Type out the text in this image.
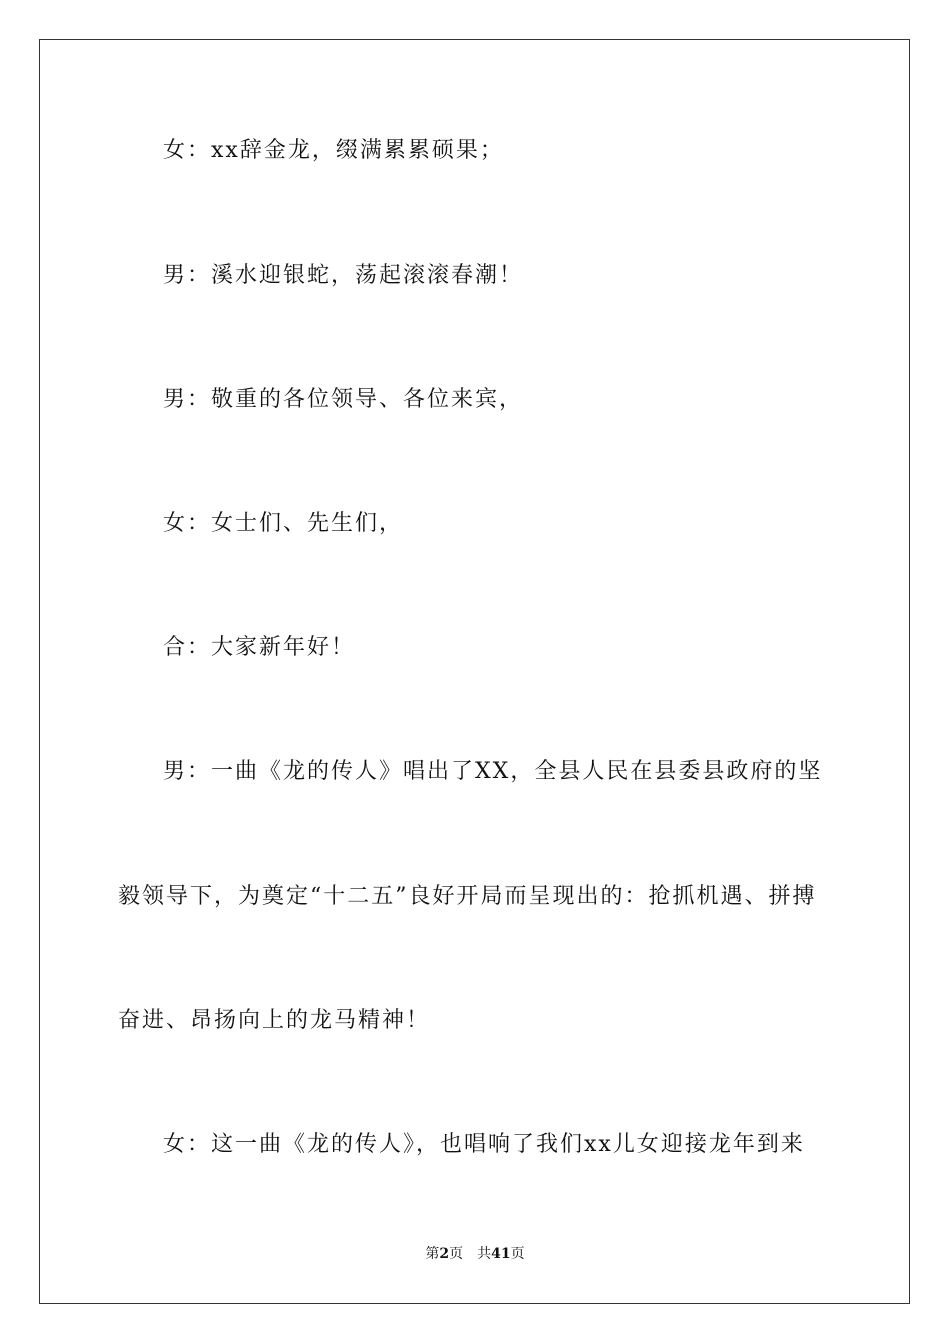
女：xx辞金龙，缀满累累硕果；
男：溪水迎银蛇，荡起滚滚春潮！
男：敬重的各位领导、各位来宾，
女：女士们、先生们，
合：大家新年好！
男：一曲《龙的传人》唱出了XX，全县人民在县委县政府的坚
毅领导下，为奠定“十二五”良好开局而呈现出的：抢抓机遇、拼搏
奋进、昂扬向上的龙马精神！
女：这一曲《龙的传人》，也唱响了我们xx儿女迎接龙年到来
第2页 共41页
